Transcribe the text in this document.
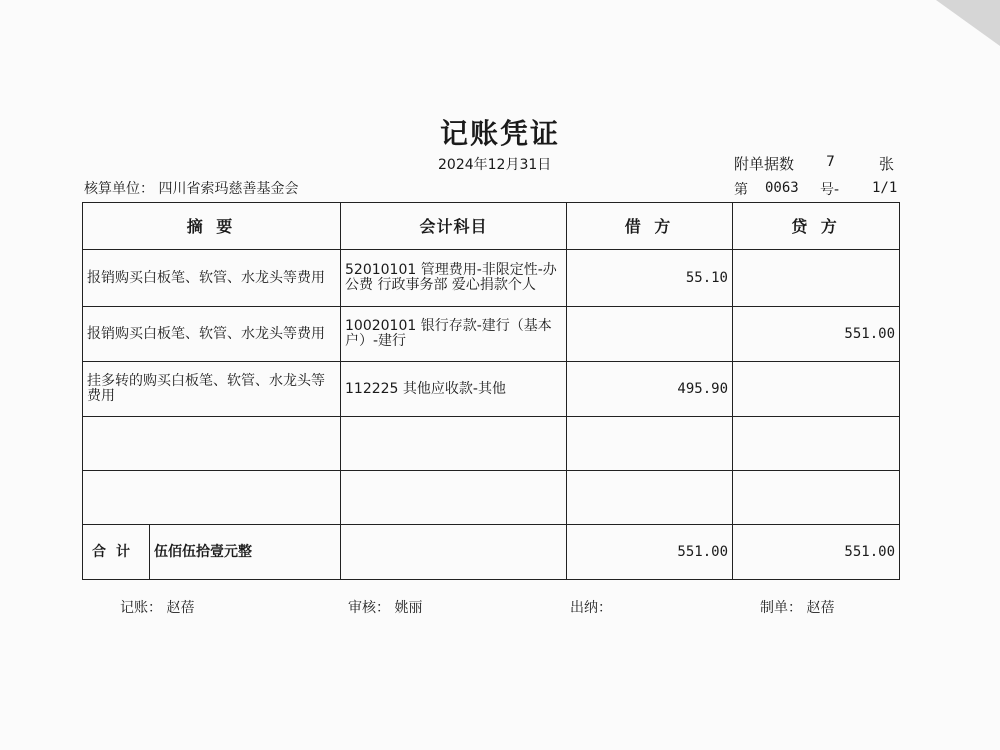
记账凭证
2024年12月31日	附单据数 7	张
核算单位： 四川省索玛慈善基金会	第 0063 号- 1/1
摘 要	会计科目	借 方	贷 方
报销购买白板笔、软管、水龙头等费用	52010101 管理费用-非限定性-办公费 行政事务部 爱心捐款个人	55.10	
报销购买白板笔、软管、水龙头等费用	10020101 银行存款-建行（基本户）-建行		551.00
挂多转的购买白板笔、软管、水龙头等费用	112225 其他应收款-其他	495.90	

合计 伍佰伍拾壹元整		551.00	551.00
记账： 赵蓓	审核： 姚丽	出纳：	制单： 赵蓓
